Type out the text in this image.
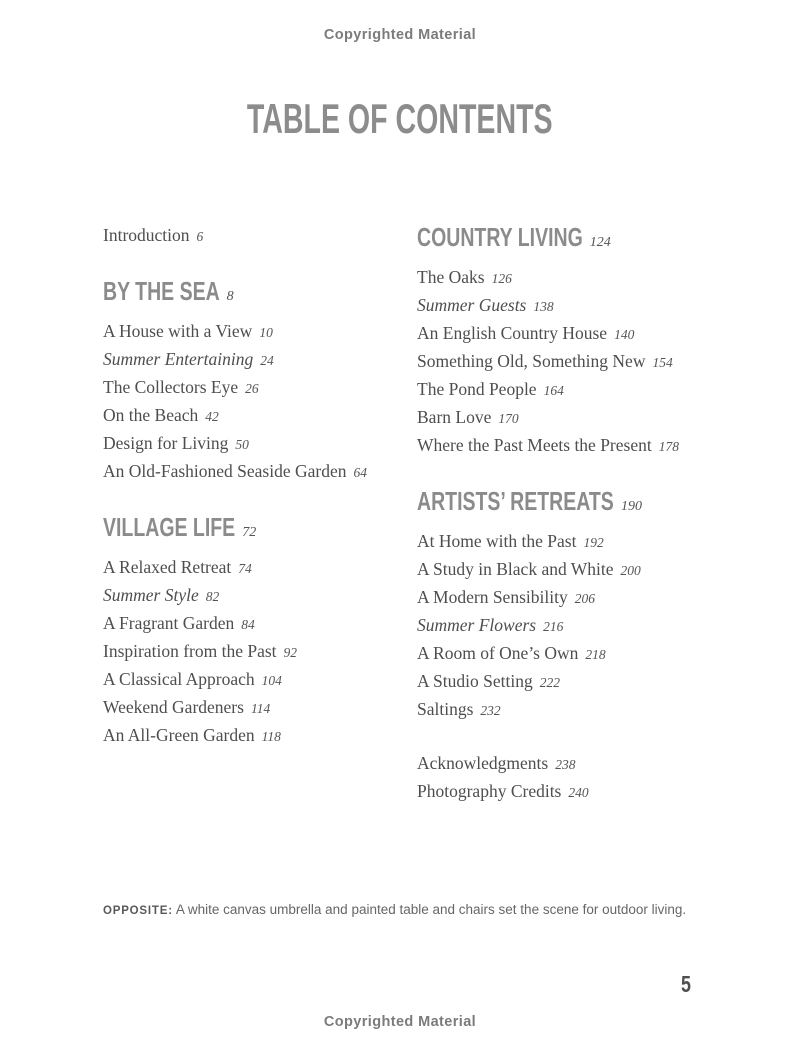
Copyrighted Material
TABLE OF CONTENTS
Introduction 6
BY THE SEA 8
A House with a View 10
Summer Entertaining 24
The Collectors Eye 26
On the Beach 42
Design for Living 50
An Old-Fashioned Seaside Garden 64
VILLAGE LIFE 72
A Relaxed Retreat 74
Summer Style 82
A Fragrant Garden 84
Inspiration from the Past 92
A Classical Approach 104
Weekend Gardeners 114
An All-Green Garden 118
COUNTRY LIVING 124
The Oaks 126
Summer Guests 138
An English Country House 140
Something Old, Something New 154
The Pond People 164
Barn Love 170
Where the Past Meets the Present 178
ARTISTS’ RETREATS 190
At Home with the Past 192
A Study in Black and White 200
A Modern Sensibility 206
Summer Flowers 216
A Room of One’s Own 218
A Studio Setting 222
Saltings 232
Acknowledgments 238
Photography Credits 240
OPPOSITE: A white canvas umbrella and painted table and chairs set the scene for outdoor living.
5
Copyrighted Material
